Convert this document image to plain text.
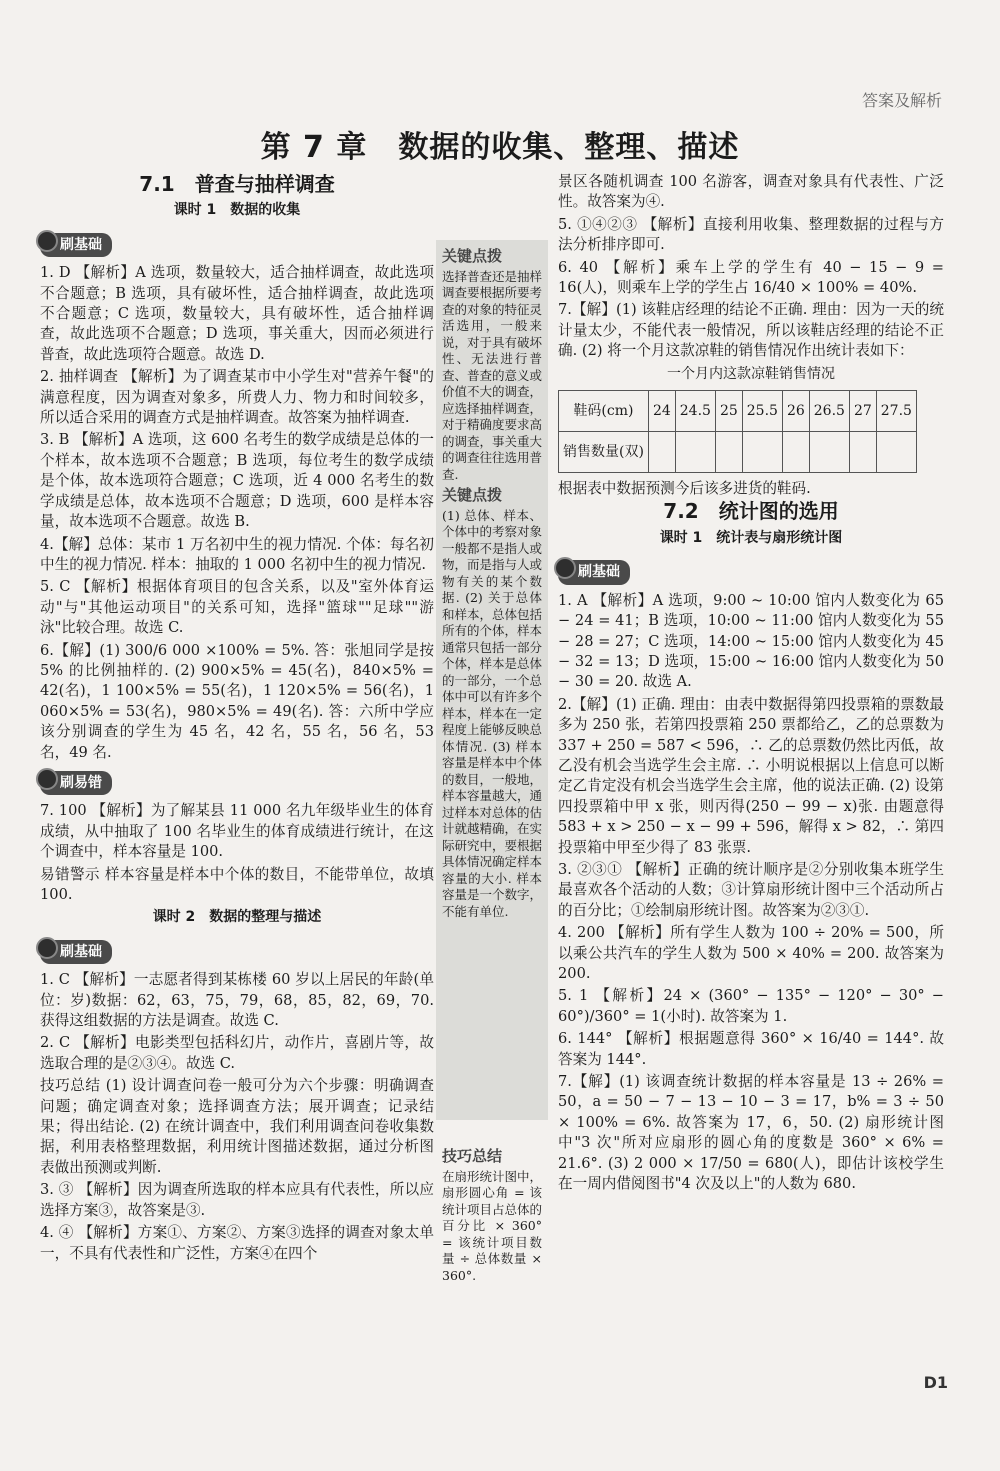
答案及解析
第 7 章　数据的收集、整理、描述
7.1　普查与抽样调查
课时 1　数据的收集
刷基础

1. D 【解析】A 选项，数量较大，适合抽样调查，故此选项不合题意；B 选项，具有破坏性，适合抽样调查，故此选项不合题意；C 选项，数量较大，具有破坏性，适合抽样调查，故此选项不合题意；D 选项，事关重大，因而必须进行普查，故此选项符合题意。故选 D.

2. 抽样调查 【解析】为了调查某市中小学生对"营养午餐"的满意程度，因为调查对象多，所费人力、物力和时间较多，所以适合采用的调查方式是抽样调查。故答案为抽样调查.

3. B 【解析】A 选项，这 600 名考生的数学成绩是总体的一个样本，故本选项不合题意；B 选项，每位考生的数学成绩是个体，故本选项符合题意；C 选项，近 4 000 名考生的数学成绩是总体，故本选项不合题意；D 选项，600 是样本容量，故本选项不合题意。故选 B.

4.【解】总体：某市 1 万名初中生的视力情况. 个体：每名初中生的视力情况. 样本：抽取的 1 000 名初中生的视力情况.

5. C 【解析】根据体育项目的包含关系，以及"室外体育运动"与"其他运动项目"的关系可知，选择"篮球""足球""游泳"比较合理。故选 C.

6.【解】(1) 300/6 000 ×100% = 5%. 答：张旭同学是按 5% 的比例抽样的. (2) 900×5% = 45(名)，840×5% = 42(名)，1 100×5% = 55(名)，1 120×5% = 56(名)，1 060×5% = 53(名)，980×5% = 49(名). 答：六所中学应该分别调查的学生为 45 名，42 名，55 名，56 名，53 名，49 名.

刷易错

7. 100 【解析】为了解某县 11 000 名九年级毕业生的体育成绩，从中抽取了 100 名毕业生的体育成绩进行统计，在这个调查中，样本容量是 100.

易错警示 样本容量是样本中个体的数目，不能带单位，故填 100.

课时 2　数据的整理与描述
刷基础

1. C 【解析】一志愿者得到某栋楼 60 岁以上居民的年龄(单位：岁)数据：62，63，75，79，68，85，82，69，70. 获得这组数据的方法是调查。故选 C.

2. C 【解析】电影类型包括科幻片，动作片，喜剧片等，故选取合理的是②③④。故选 C.

技巧总结 (1) 设计调查问卷一般可分为六个步骤：明确调查问题；确定调查对象；选择调查方法；展开调查；记录结果；得出结论. (2) 在统计调查中，我们利用调查问卷收集数据，利用表格整理数据，利用统计图描述数据，通过分析图表做出预测或判断.

3. ③ 【解析】因为调查所选取的样本应具有代表性，所以应选择方案③，故答案是③.

4. ④ 【解析】方案①、方案②、方案③选择的调查对象太单一，不具有代表性和广泛性，方案④在四个

关键点拨

选择普查还是抽样调查要根据所要考查的对象的特征灵活选用，一般来说，对于具有破坏性、无法进行普查、普查的意义或价值不大的调查，应选择抽样调查，对于精确度要求高的调查，事关重大的调查往往选用普查.

关键点拨

(1) 总体、样本、个体中的考察对象一般都不是指人或物，而是指与人或物有关的某个数据. (2) 关于总体和样本，总体包括所有的个体，样本通常只包括一部分个体，样本是总体的一部分，一个总体中可以有许多个样本，样本在一定程度上能够反映总体情况. (3) 样本容量是样本中个体的数目，一般地，样本容量越大，通过样本对总体的估计就越精确，在实际研究中，要根据具体情况确定样本容量的大小. 样本容量是一个数字，不能有单位.

技巧总结

在扇形统计图中，扇形圆心角 = 该统计项目占总体的百分比 × 360° = 该统计项目数量 ÷ 总体数量 × 360°.

景区各随机调查 100 名游客，调查对象具有代表性、广泛性。故答案为④.

5. ①④②③ 【解析】直接利用收集、整理数据的过程与方法分析排序即可.

6. 40 【解析】乘车上学的学生有 40 − 15 − 9 = 16(人)，则乘车上学的学生占 16/40 × 100% = 40%.

7.【解】(1) 该鞋店经理的结论不正确. 理由：因为一天的统计量太少，不能代表一般情况，所以该鞋店经理的结论不正确. (2) 将一个月这款凉鞋的销售情况作出统计表如下：

一个月内这款凉鞋销售情况
鞋码(cm)	24	24.5	25	25.5	26	26.5	27	27.5
销售数量(双)								

根据表中数据预测今后该多进货的鞋码.

7.2　统计图的选用
课时 1　统计表与扇形统计图
刷基础

1. A 【解析】A 选项，9:00 ~ 10:00 馆内人数变化为 65 − 24 = 41；B 选项，10:00 ~ 11:00 馆内人数变化为 55 − 28 = 27；C 选项，14:00 ~ 15:00 馆内人数变化为 45 − 32 = 13；D 选项，15:00 ~ 16:00 馆内人数变化为 50 − 30 = 20. 故选 A.

2.【解】(1) 正确. 理由：由表中数据得第四投票箱的票数最多为 250 张，若第四投票箱 250 票都给乙，乙的总票数为 337 + 250 = 587 < 596，∴ 乙的总票数仍然比丙低，故乙没有机会当选学生会主席. ∴ 小明说根据以上信息可以断定乙肯定没有机会当选学生会主席，他的说法正确. (2) 设第四投票箱中甲 x 张，则丙得(250 − 99 − x)张. 由题意得 583 + x > 250 − x − 99 + 596，解得 x > 82，∴ 第四投票箱中甲至少得了 83 张票.

3. ②③① 【解析】正确的统计顺序是②分别收集本班学生最喜欢各个活动的人数；③计算扇形统计图中三个活动所占的百分比；①绘制扇形统计图。故答案为②③①.

4. 200 【解析】所有学生人数为 100 ÷ 20% = 500，所以乘公共汽车的学生人数为 500 × 40% = 200. 故答案为 200.

5. 1 【解析】24 × (360° − 135° − 120° − 30° − 60°)/360° = 1(小时). 故答案为 1.

6. 144° 【解析】根据题意得 360° × 16/40 = 144°. 故答案为 144°.

7.【解】(1) 该调查统计数据的样本容量是 13 ÷ 26% = 50，a = 50 − 7 − 13 − 10 − 3 = 17，b% = 3 ÷ 50 × 100% = 6%. 故答案为 17，6，50. (2) 扇形统计图中"3 次"所对应扇形的圆心角的度数是 360° × 6% = 21.6°. (3) 2 000 × 17/50 = 680(人)，即估计该校学生在一周内借阅图书"4 次及以上"的人数为 680.

D1
